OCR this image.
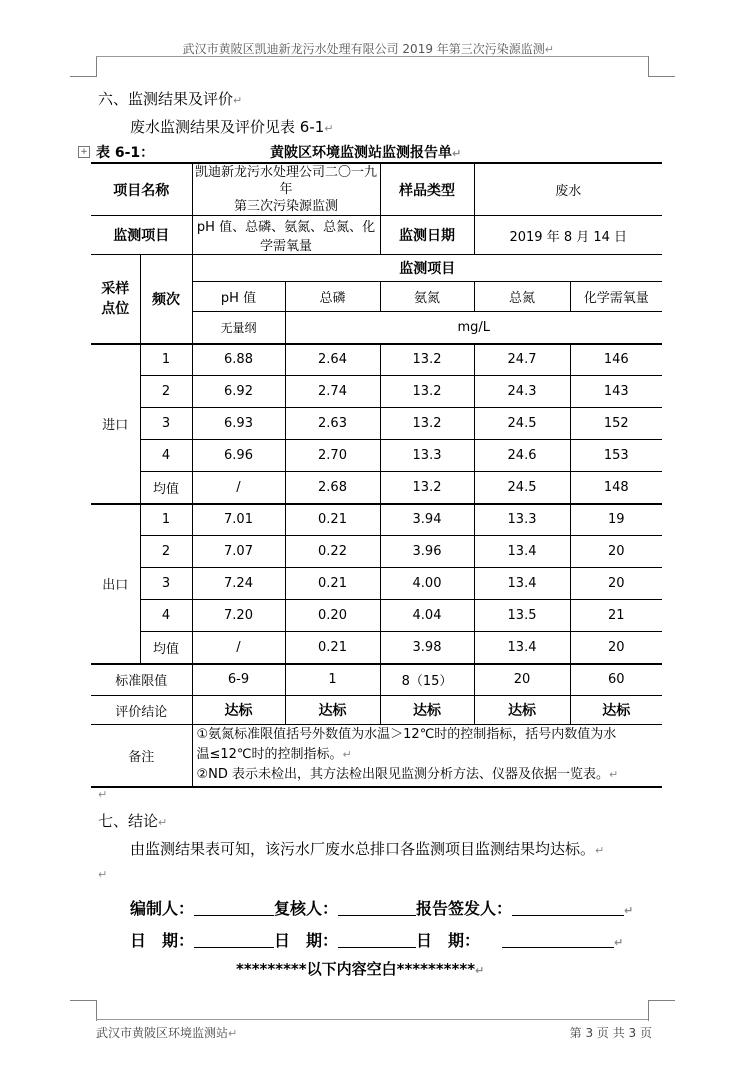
武汉市黄陂区凯迪新龙污水处理有限公司 2019 年第三次污染源监测↵
六、监测结果及评价↵
废水监测结果及评价见表 6-1↵
+ 表 6-1：	黄陂区环境监测站监测报告单↵
项目名称		凯迪新龙污水处理公司二〇一九年
第三次污染源监测		样品类型	废水	
监测项目		pH 值、总磷、氨氮、总氮、化学需氧量		监测日期	2019 年 8 月 14 日	
采样
点位	频次	监测项目				
		pH 值	总磷	氨氮	总氮	化学需氧量
		无量纲	mg/L			
进口	1	6.88	2.64	13.2	24.7	146
	2	6.92	2.74	13.2	24.3	143
	3	6.93	2.63	13.2	24.5	152
	4	6.96	2.70	13.3	24.6	153
	均值	/	2.68	13.2	24.5	148
出口	1	7.01	0.21	3.94	13.3	19
	2	7.07	0.22	3.96	13.4	20
	3	7.24	0.21	4.00	13.4	20
	4	7.20	0.20	4.04	13.5	21
	均值	/	0.21	3.98	13.4	20
标准限值		6-9	1	8（15）	20	60
评价结论		达标	达标	达标	达标	达标
备注		①氨氮标准限值括号外数值为水温＞12℃时的控制指标，括号内数值为水
温≤12℃时的控制指标。↵
②ND 表示未检出，其方法检出限见监测分析方法、仪器及依据一览表。↵				
↵
七、结论↵
由监测结果表可知，该污水厂废水总排口各监测项目监测结果均达标。↵
↵
编制人：	复核人：	报告签发人：	↵
日　期：	日　期：	日　期：	↵
*********以下内容空白**********↵
武汉市黄陂区环境监测站↵	第 3 页 共 3 页
